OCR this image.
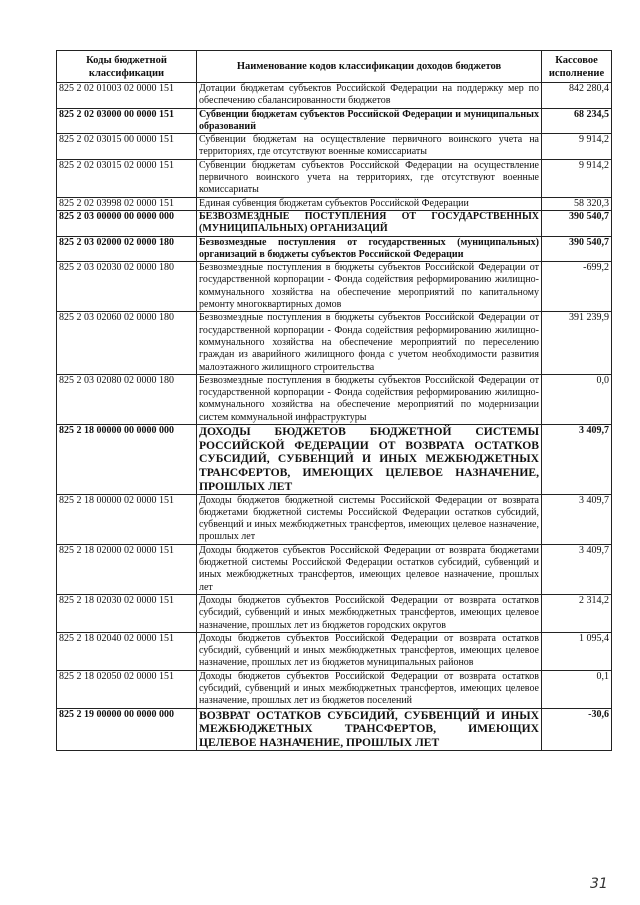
Коды бюджетной классификации	Наименование кодов классификации доходов бюджетов	Кассовое исполнение
825 2 02 01003 02 0000 151	Дотации бюджетам субъектов Российской Федерации на поддержку мер по обеспечению сбалансированности бюджетов	842 280,4
825 2 02 03000 00 0000 151	Субвенции бюджетам субъектов Российской Федерации и муниципальных образований	68 234,5
825 2 02 03015 00 0000 151	Субвенции бюджетам на осуществление первичного воинского учета на территориях, где отсутствуют военные комиссариаты	9 914,2
825 2 02 03015 02 0000 151	Субвенции бюджетам субъектов Российской Федерации на осуществление первичного воинского учета на территориях, где отсутствуют военные комиссариаты	9 914,2
825 2 02 03998 02 0000 151	Единая субвенция бюджетам субъектов Российской Федерации	58 320,3
825 2 03 00000 00 0000 000	БЕЗВОЗМЕЗДНЫЕ ПОСТУПЛЕНИЯ ОТ ГОСУДАРСТВЕННЫХ (МУНИЦИПАЛЬНЫХ) ОРГАНИЗАЦИЙ	390 540,7
825 2 03 02000 02 0000 180	Безвозмездные поступления от государственных (муниципальных) организаций в бюджеты субъектов Российской Федерации	390 540,7
825 2 03 02030 02 0000 180	Безвозмездные поступления в бюджеты субъектов Российской Федерации от государственной корпорации - Фонда содействия реформированию жилищно-коммунального хозяйства на обеспечение мероприятий по капитальному ремонту многоквартирных домов	-699,2
825 2 03 02060 02 0000 180	Безвозмездные поступления в бюджеты субъектов Российской Федерации от государственной корпорации - Фонда содействия реформированию жилищно-коммунального хозяйства на обеспечение мероприятий по переселению граждан из аварийного жилищного фонда с учетом необходимости развития малоэтажного жилищного строительства	391 239,9
825 2 03 02080 02 0000 180	Безвозмездные поступления в бюджеты субъектов Российской Федерации от государственной корпорации - Фонда содействия реформированию жилищно-коммунального хозяйства на обеспечение мероприятий по модернизации систем коммунальной инфраструктуры	0,0
825 2 18 00000 00 0000 000	ДОХОДЫ БЮДЖЕТОВ БЮДЖЕТНОЙ СИСТЕМЫ РОССИЙСКОЙ ФЕДЕРАЦИИ ОТ ВОЗВРАТА ОСТАТКОВ СУБСИДИЙ, СУБВЕНЦИЙ И ИНЫХ МЕЖБЮДЖЕТНЫХ ТРАНСФЕРТОВ, ИМЕЮЩИХ ЦЕЛЕВОЕ НАЗНАЧЕНИЕ, ПРОШЛЫХ ЛЕТ	3 409,7
825 2 18 00000 02 0000 151	Доходы бюджетов бюджетной системы Российской Федерации от возврата бюджетами бюджетной системы Российской Федерации остатков субсидий, субвенций и иных межбюджетных трансфертов, имеющих целевое назначение, прошлых лет	3 409,7
825 2 18 02000 02 0000 151	Доходы бюджетов субъектов Российской Федерации от возврата бюджетами бюджетной системы Российской Федерации остатков субсидий, субвенций и иных межбюджетных трансфертов, имеющих целевое назначение, прошлых лет	3 409,7
825 2 18 02030 02 0000 151	Доходы бюджетов субъектов Российской Федерации от возврата остатков субсидий, субвенций и иных межбюджетных трансфертов, имеющих целевое назначение, прошлых лет из бюджетов городских округов	2 314,2
825 2 18 02040 02 0000 151	Доходы бюджетов субъектов Российской Федерации от возврата остатков субсидий, субвенций и иных межбюджетных трансфертов, имеющих целевое назначение, прошлых лет из бюджетов муниципальных районов	1 095,4
825 2 18 02050 02 0000 151	Доходы бюджетов субъектов Российской Федерации от возврата остатков субсидий, субвенций и иных межбюджетных трансфертов, имеющих целевое назначение, прошлых лет из бюджетов поселений	0,1
825 2 19 00000 00 0000 000	ВОЗВРАТ ОСТАТКОВ СУБСИДИЙ, СУБВЕНЦИЙ И ИНЫХ МЕЖБЮДЖЕТНЫХ ТРАНСФЕРТОВ, ИМЕЮЩИХ ЦЕЛЕВОЕ НАЗНАЧЕНИЕ, ПРОШЛЫХ ЛЕТ	-30,6
31
